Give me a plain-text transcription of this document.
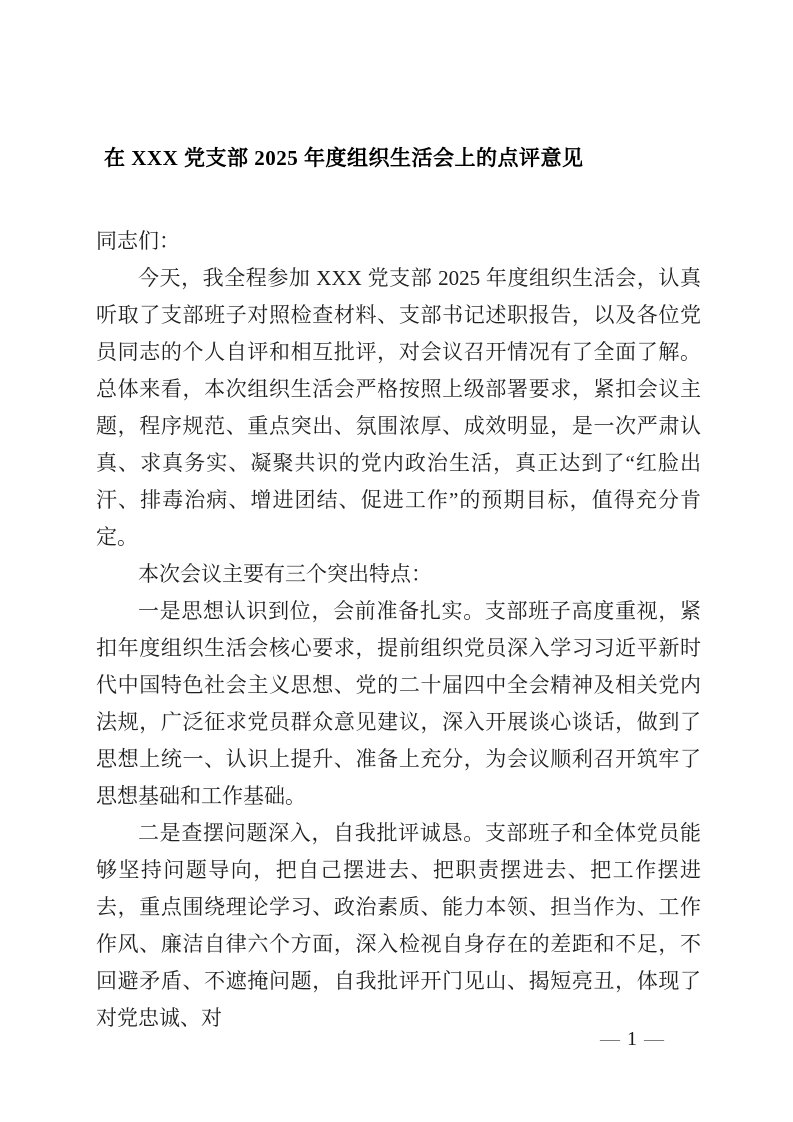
在 XXX 党支部 2025 年度组织生活会上的点评意见

同志们：

今天，我全程参加 XXX 党支部 2025 年度组织生活会，认真听取了支部班子对照检查材料、支部书记述职报告，以及各位党员同志的个人自评和相互批评，对会议召开情况有了全面了解。总体来看，本次组织生活会严格按照上级部署要求，紧扣会议主题，程序规范、重点突出、氛围浓厚、成效明显，是一次严肃认真、求真务实、凝聚共识的党内政治生活，真正达到了“红脸出汗、排毒治病、增进团结、促进工作”的预期目标，值得充分肯定。

本次会议主要有三个突出特点：

一是思想认识到位，会前准备扎实。支部班子高度重视，紧扣年度组织生活会核心要求，提前组织党员深入学习习近平新时代中国特色社会主义思想、党的二十届四中全会精神及相关党内法规，广泛征求党员群众意见建议，深入开展谈心谈话，做到了思想上统一、认识上提升、准备上充分，为会议顺利召开筑牢了思想基础和工作基础。

二是查摆问题深入，自我批评诚恳。支部班子和全体党员能够坚持问题导向，把自己摆进去、把职责摆进去、把工作摆进去，重点围绕理论学习、政治素质、能力本领、担当作为、工作作风、廉洁自律六个方面，深入检视自身存在的差距和不足，不回避矛盾、不遮掩问题，自我批评开门见山、揭短亮丑，体现了对党忠诚、对

— 1 —
